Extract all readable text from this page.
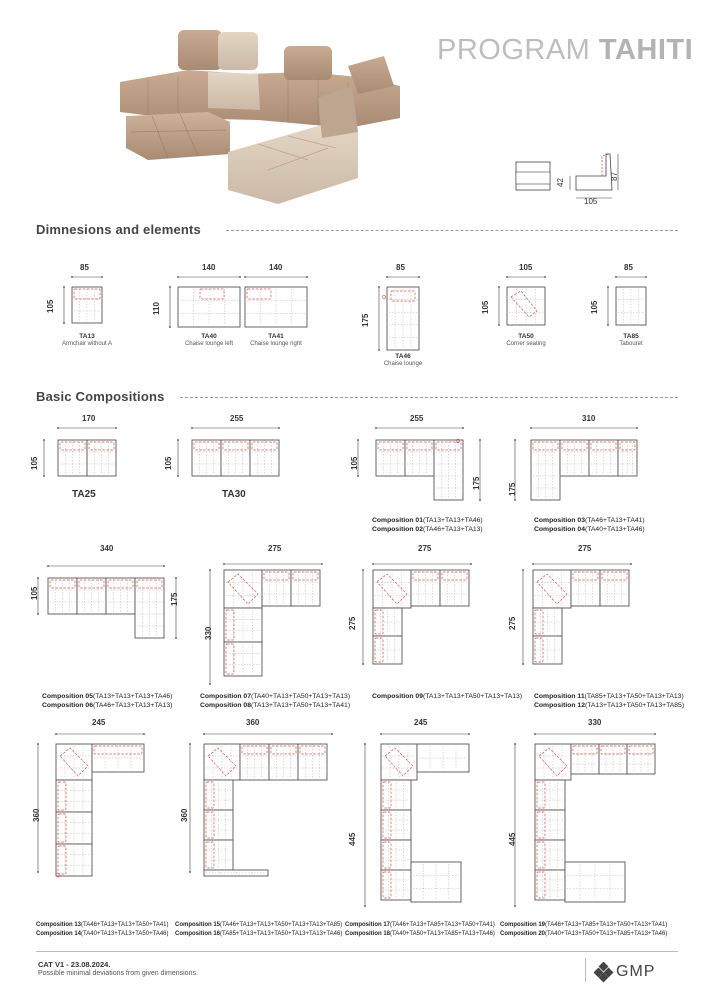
PROGRAM TAHITI
42
87
105
Dimnesions and elements
85
105
TA13
Armchair without A
140
110
TA40
Chaise lounge left
140
TA41
Chaise lounge right
85
175
TA46
Chaise lounge
105
105
TA50
Corner seating
85
105
TA85
Tabouret
Basic Compositions
170
105
255
105
255
105
175
310
175
340
105	175
275
330
275
275
275
275
245
360
360
360
245
445
330
445
TA25	TA30
Composition 01(TA13+TA13+TA46)
Composition 02(TA46+TA13+TA13)
Composition 03(TA46+TA13+TA41)
Composition 04(TA40+TA13+TA46)
Composition 05(TA13+TA13+TA13+TA46)
Composition 06(TA46+TA13+TA13+TA13)
Composition 07(TA40+TA13+TA50+TA13+TA13)
Composition 08(TA13+TA13+TA50+TA13+TA41)
Composition 09(TA13+TA13+TA50+TA13+TA13) Composition 11(TA85+TA13+TA50+TA13+TA13)
Composition 12(TA13+TA13+TA50+TA13+TA85)
Composition 13(TA46+TA13+TA13+TA50+TA41)
Composition 14(TA40+TA13+TA13+TA50+TA46)
Composition 15(TA46+TA13+TA13+TA50+TA13+TA13+TA85)
Composition 16(TA85+TA13+TA13+TA50+TA13+TA13+TA46)
Composition 17(TA46+TA13+TA85+TA13+TA50+TA41)
Composition 18(TA40+TA50+TA13+TA85+TA13+TA46)
Composition 19(TA46+TA13+TA85+TA13+TA50+TA13+TA41)
Composition 20(TA40+TA13+TA50+TA13+TA85+TA13+TA46)
CAT V1 - 23.08.2024.
Possible minimal deviations from given dimensions.	GMP
